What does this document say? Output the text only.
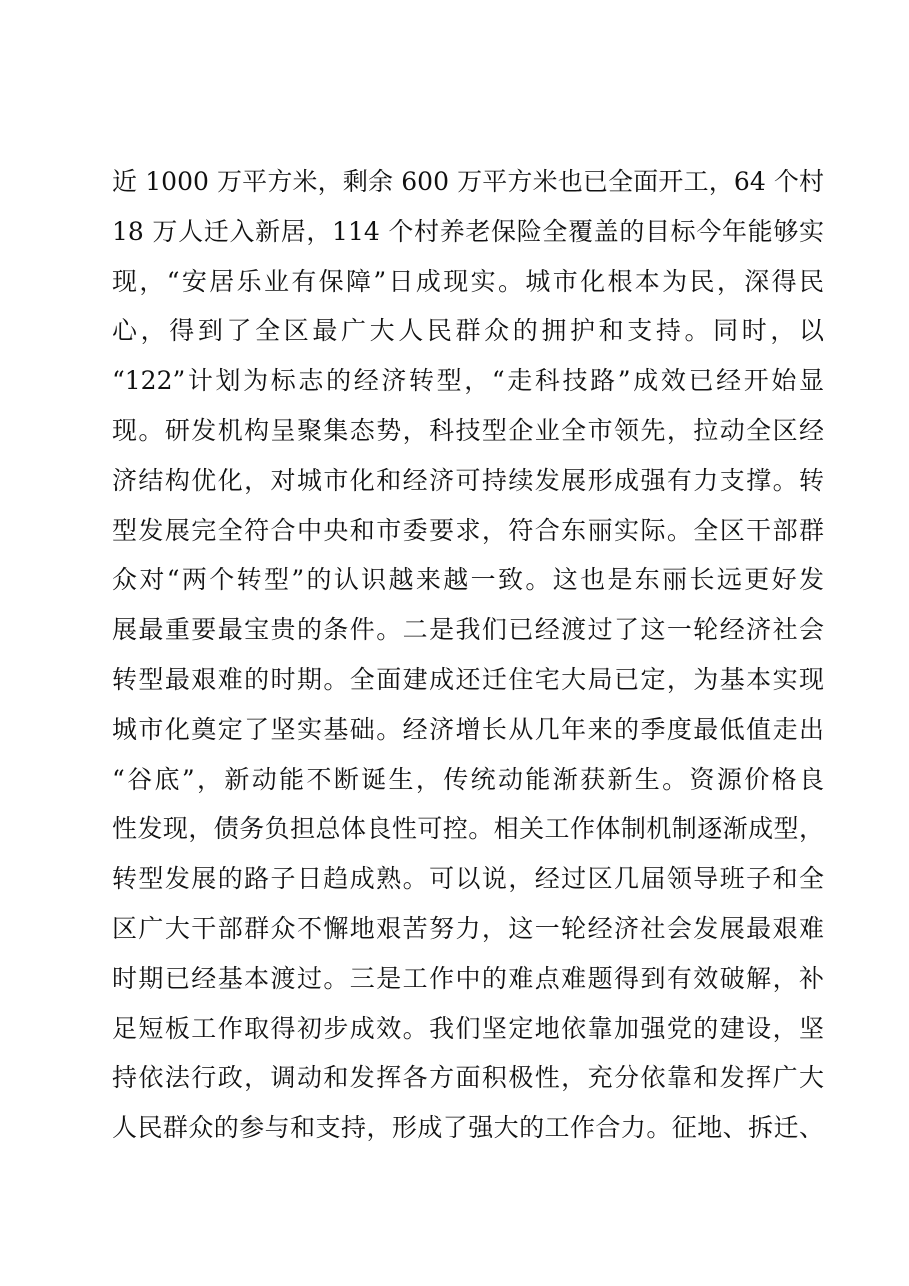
近 1000 万平方米，剩余 600 万平方米也已全面开工，64 个村
18 万人迁入新居，114 个村养老保险全覆盖的目标今年能够实
现，“安居乐业有保障”日成现实。城市化根本为民，深得民
心，得到了全区最广大人民群众的拥护和支持。同时，以
“122”计划为标志的经济转型，“走科技路”成效已经开始显
现。研发机构呈聚集态势，科技型企业全市领先，拉动全区经
济结构优化，对城市化和经济可持续发展形成强有力支撑。转
型发展完全符合中央和市委要求，符合东丽实际。全区干部群
众对“两个转型”的认识越来越一致。这也是东丽长远更好发
展最重要最宝贵的条件。二是我们已经渡过了这一轮经济社会
转型最艰难的时期。全面建成还迁住宅大局已定，为基本实现
城市化奠定了坚实基础。经济增长从几年来的季度最低值走出
“谷底”，新动能不断诞生，传统动能渐获新生。资源价格良
性发现，债务负担总体良性可控。相关工作体制机制逐渐成型，
转型发展的路子日趋成熟。可以说，经过区几届领导班子和全
区广大干部群众不懈地艰苦努力，这一轮经济社会发展最艰难
时期已经基本渡过。三是工作中的难点难题得到有效破解，补
足短板工作取得初步成效。我们坚定地依靠加强党的建设，坚
持依法行政，调动和发挥各方面积极性，充分依靠和发挥广大
人民群众的参与和支持，形成了强大的工作合力。征地、拆迁、
